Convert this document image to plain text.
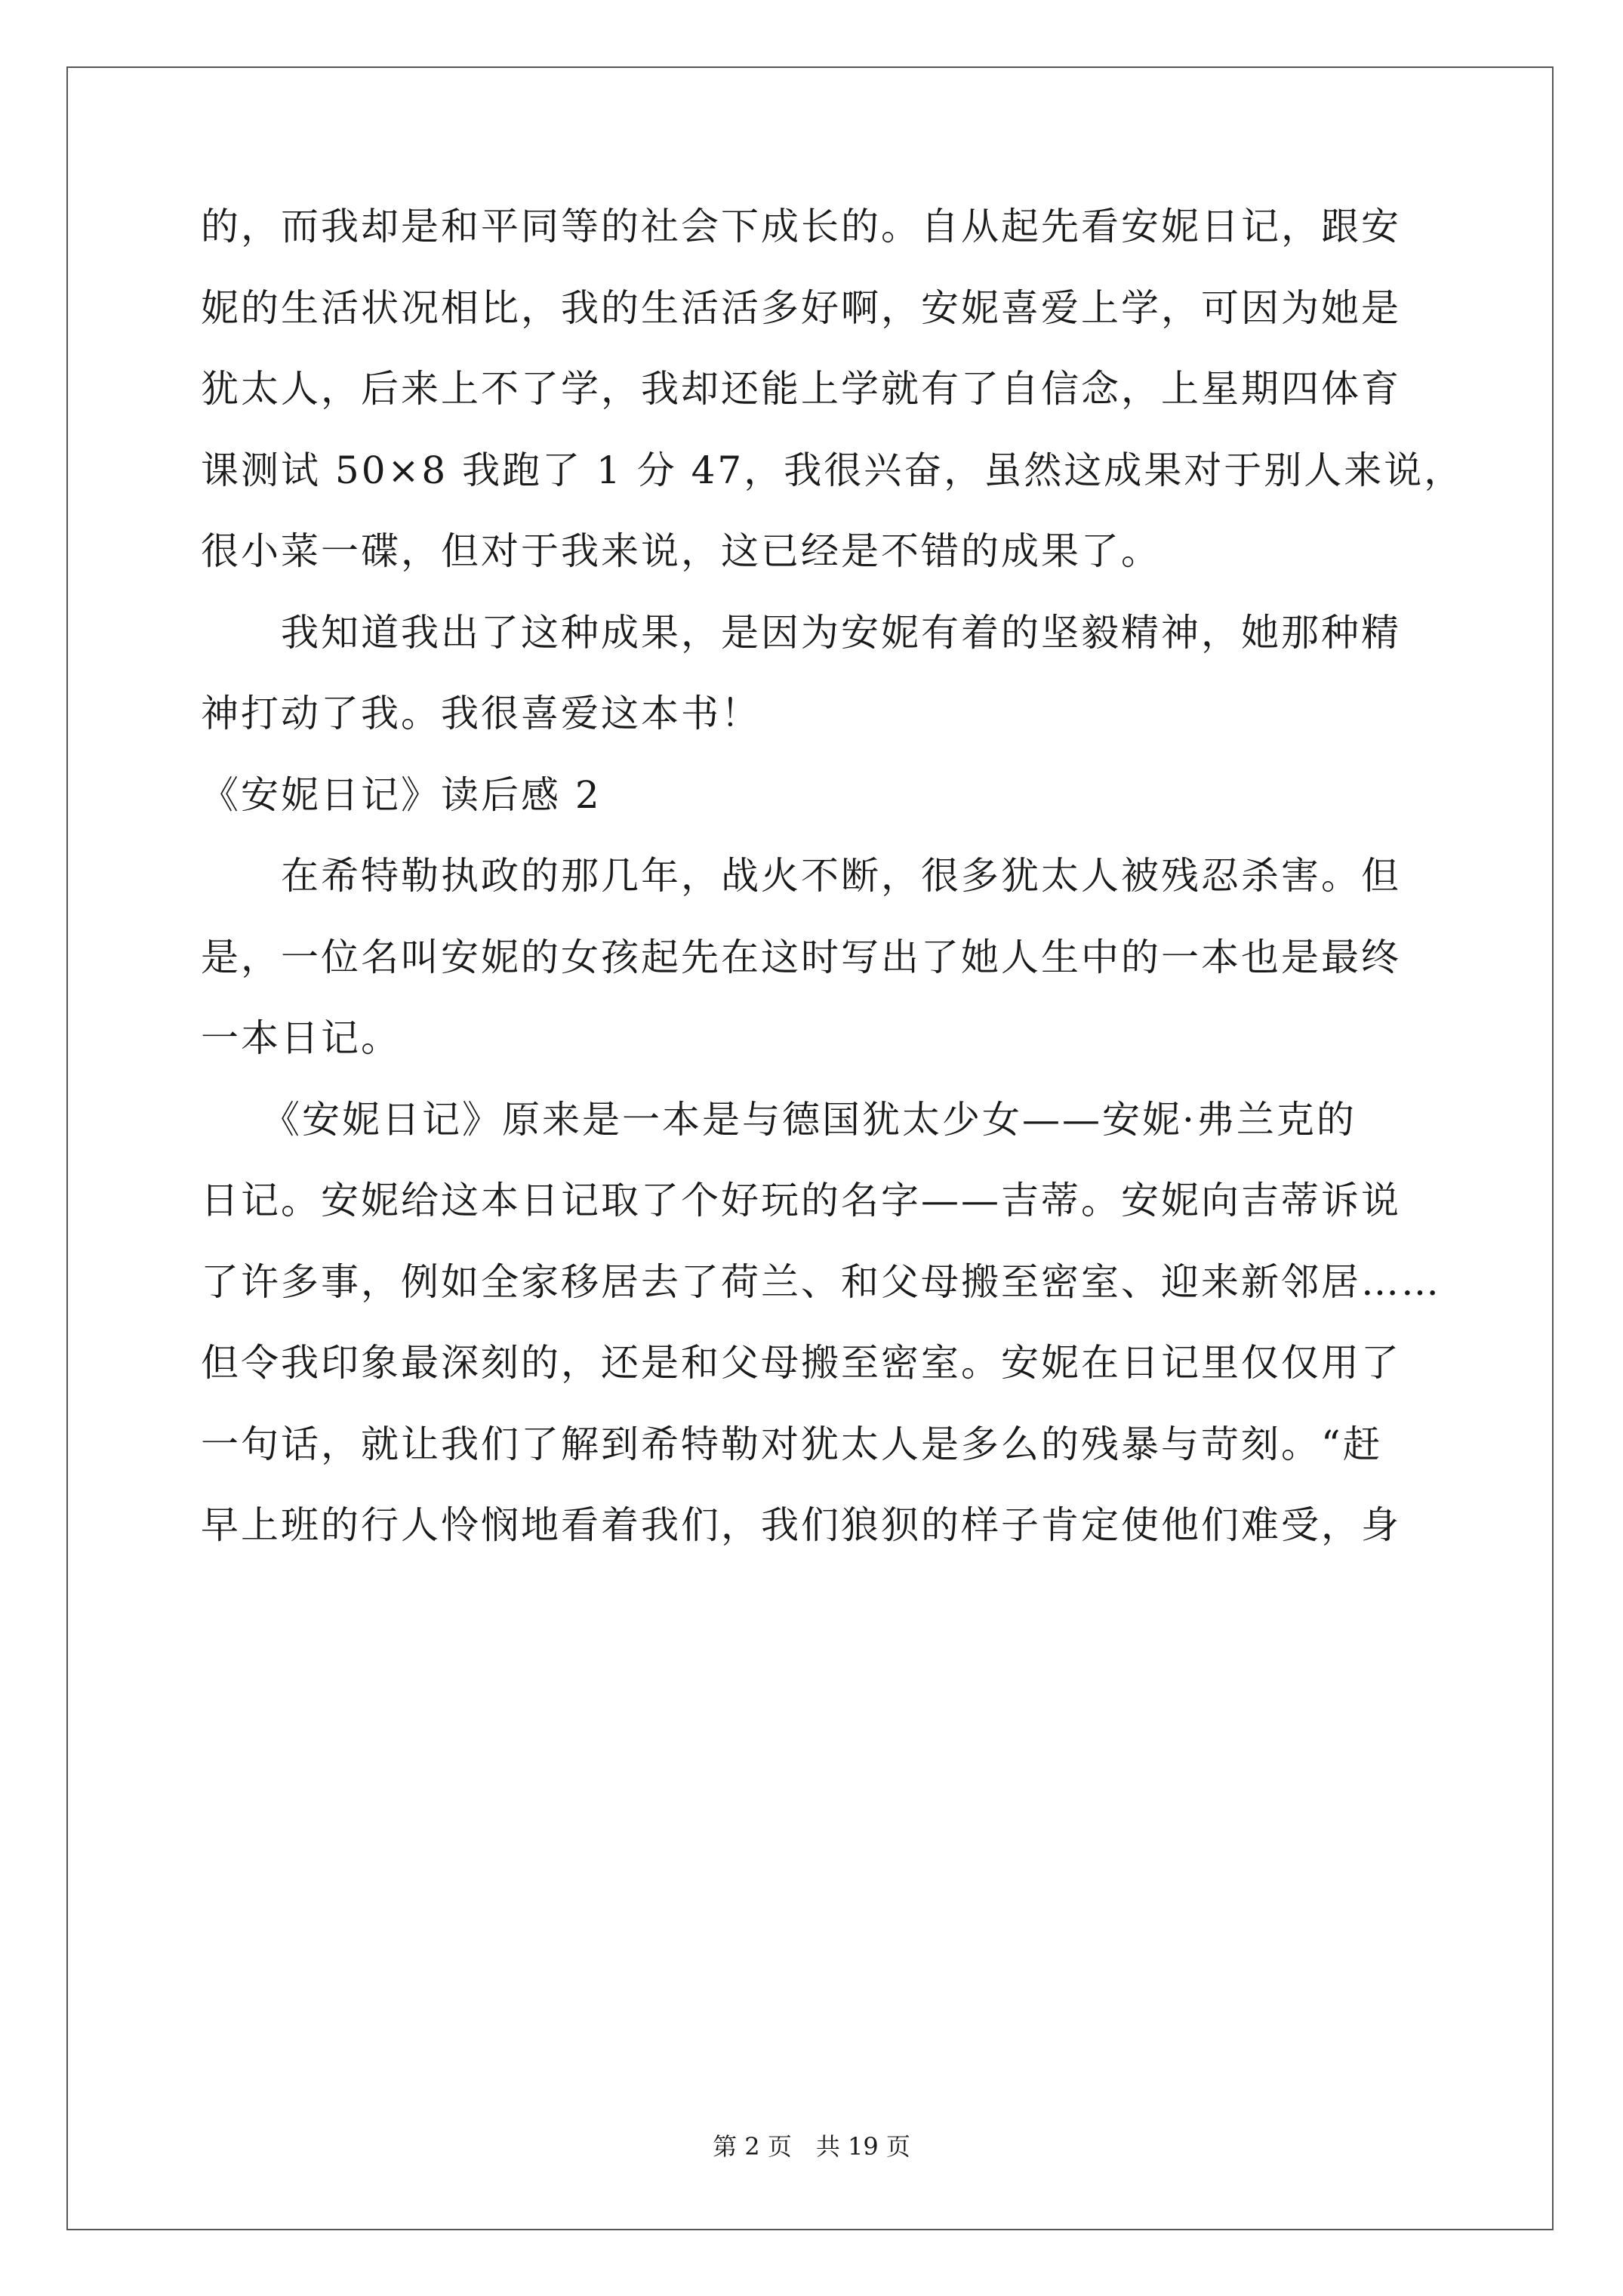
的，而我却是和平同等的社会下成长的。自从起先看安妮日记，跟安
妮的生活状况相比，我的生活活多好啊，安妮喜爱上学，可因为她是
犹太人，后来上不了学，我却还能上学就有了自信念，上星期四体育
课测试 50×8 我跑了 1 分 47，我很兴奋，虽然这成果对于别人来说，
很小菜一碟，但对于我来说，这已经是不错的成果了。
　　我知道我出了这种成果，是因为安妮有着的坚毅精神，她那种精
神打动了我。我很喜爱这本书！
《安妮日记》读后感 2
　　在希特勒执政的那几年，战火不断，很多犹太人被残忍杀害。但
是，一位名叫安妮的女孩起先在这时写出了她人生中的一本也是最终
一本日记。
　　《安妮日记》原来是一本是与德国犹太少女——安妮·弗兰克的
日记。安妮给这本日记取了个好玩的名字——吉蒂。安妮向吉蒂诉说
了许多事，例如全家移居去了荷兰、和父母搬至密室、迎来新邻居……
但令我印象最深刻的，还是和父母搬至密室。安妮在日记里仅仅用了
一句话，就让我们了解到希特勒对犹太人是多么的残暴与苛刻。“赶
早上班的行人怜悯地看着我们，我们狼狈的样子肯定使他们难受，身
第 2 页　共 19 页
